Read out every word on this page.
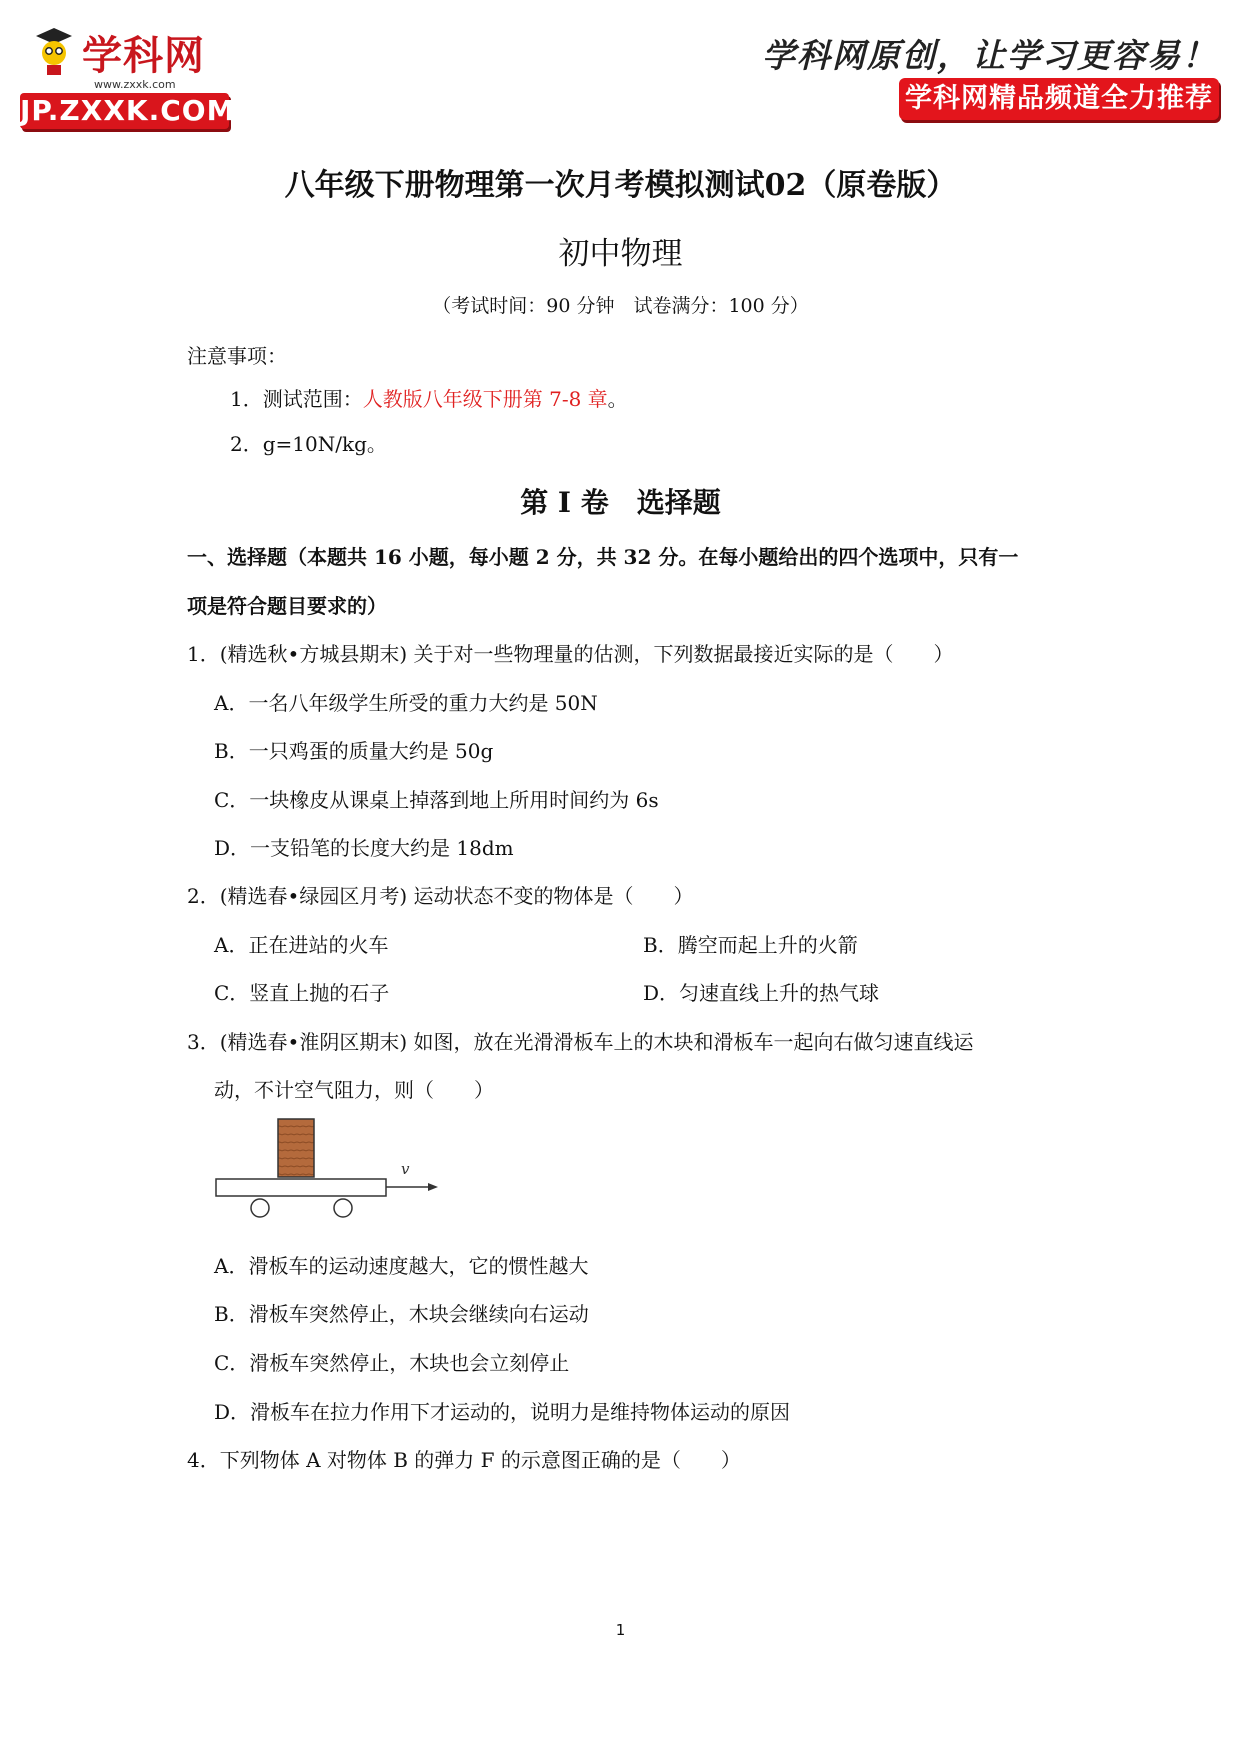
学科网
www.zxxk.com
JP.ZXXK.COM
学科网原创，让学习更容易！
学科网精品频道全力推荐
八年级下册物理第一次月考模拟测试02（原卷版）
初中物理
（考试时间：90 分钟　试卷满分：100 分）
注意事项：
1．测试范围：人教版八年级下册第 7-8 章。
2．g=10N/kg。
第 I 卷　选择题
一、选择题（本题共 16 小题，每小题 2 分，共 32 分。在每小题给出的四个选项中，只有一
项是符合题目要求的）
1．(精选秋•方城县期末) 关于对一些物理量的估测，下列数据最接近实际的是（　　）
A．一名八年级学生所受的重力大约是 50N
B．一只鸡蛋的质量大约是 50g
C．一块橡皮从课桌上掉落到地上所用时间约为 6s
D．一支铅笔的长度大约是 18dm
2．(精选春•绿园区月考) 运动状态不变的物体是（　　）
A．正在进站的火车	B．腾空而起上升的火箭
C．竖直上抛的石子	D．匀速直线上升的热气球
3．(精选春•淮阴区期末) 如图，放在光滑滑板车上的木块和滑板车一起向右做匀速直线运
动，不计空气阻力，则（　　）
v
A．滑板车的运动速度越大，它的惯性越大
B．滑板车突然停止，木块会继续向右运动
C．滑板车突然停止，木块也会立刻停止
D．滑板车在拉力作用下才运动的，说明力是维持物体运动的原因
4．下列物体 A 对物体 B 的弹力 F 的示意图正确的是（　　）
1
